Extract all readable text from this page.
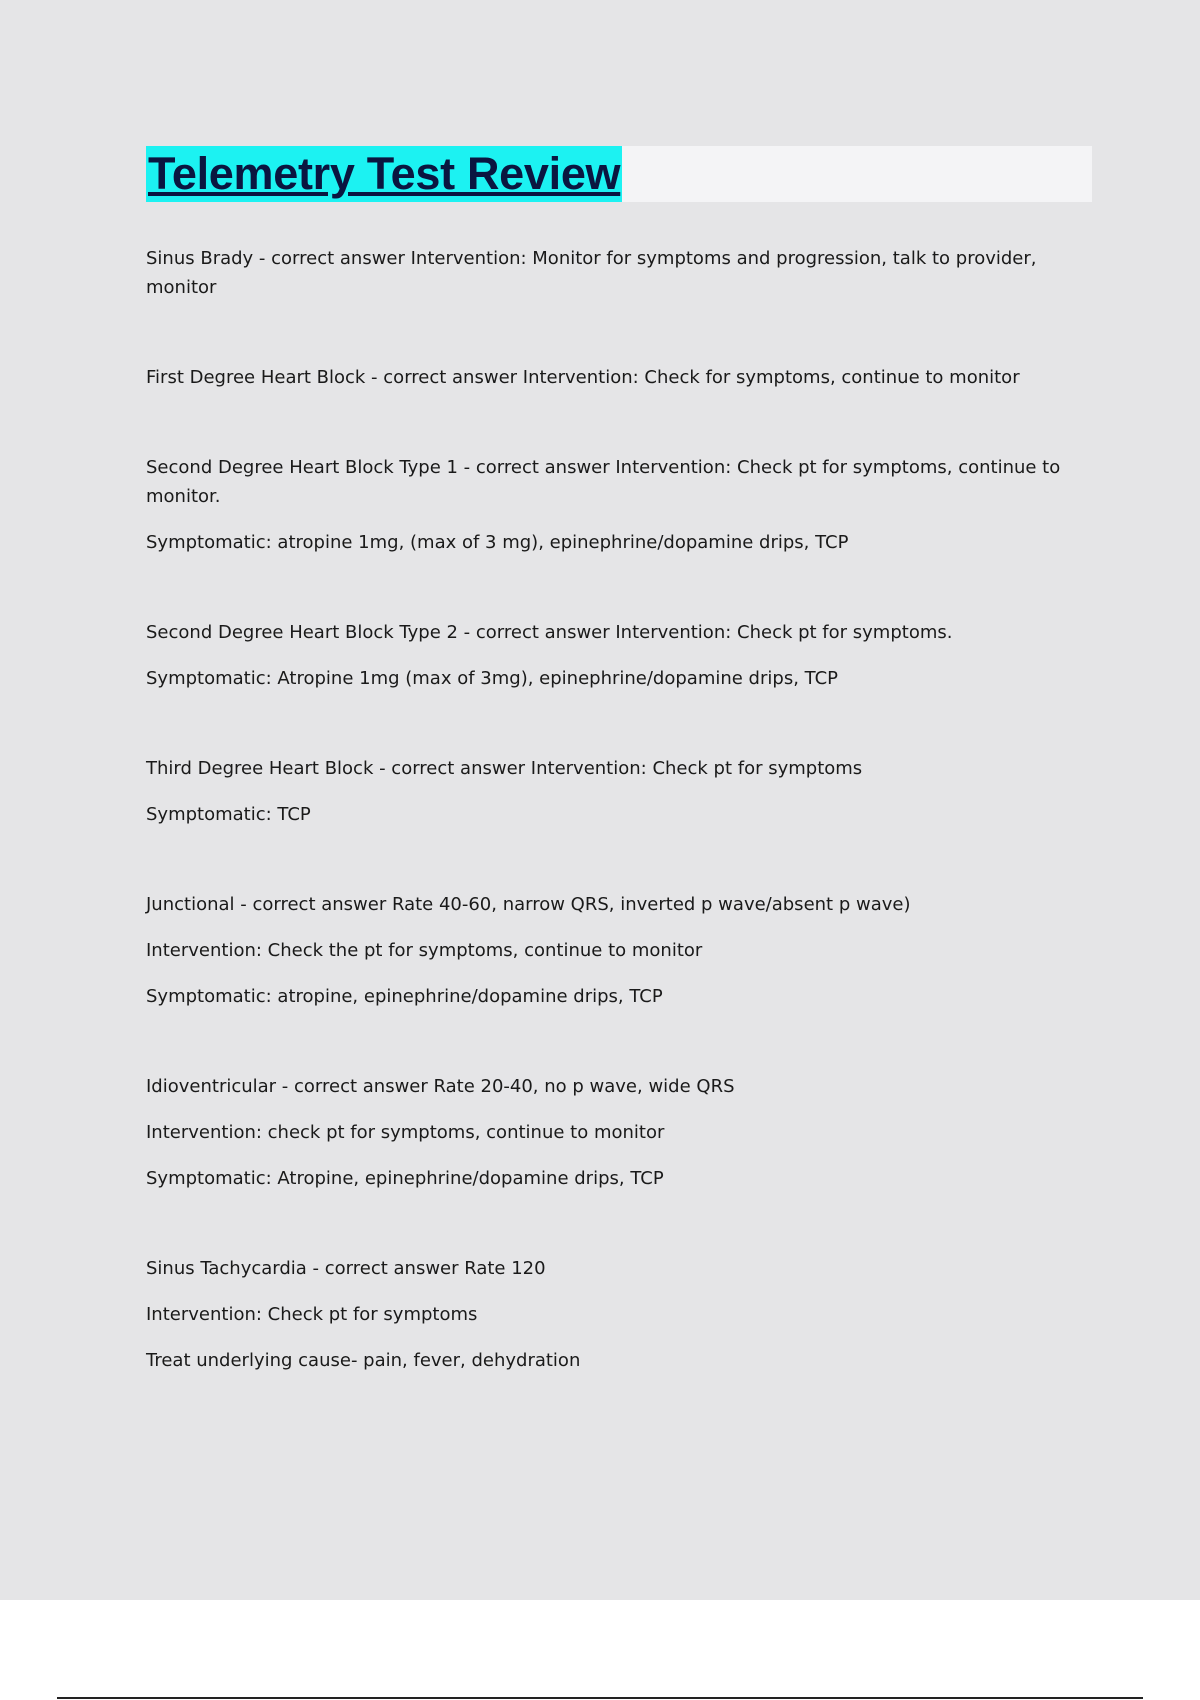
Telemetry Test Review

Sinus Brady - correct answer Intervention: Monitor for symptoms and progression, talk to provider, monitor

First Degree Heart Block - correct answer Intervention: Check for symptoms, continue to monitor

Second Degree Heart Block Type 1 - correct answer Intervention: Check pt for symptoms, continue to monitor.

Symptomatic: atropine 1mg, (max of 3 mg), epinephrine/dopamine drips, TCP

Second Degree Heart Block Type 2 - correct answer Intervention: Check pt for symptoms.

Symptomatic: Atropine 1mg (max of 3mg), epinephrine/dopamine drips, TCP

Third Degree Heart Block - correct answer Intervention: Check pt for symptoms

Symptomatic: TCP

Junctional - correct answer Rate 40-60, narrow QRS, inverted p wave/absent p wave)

Intervention: Check the pt for symptoms, continue to monitor

Symptomatic: atropine, epinephrine/dopamine drips, TCP

Idioventricular - correct answer Rate 20-40, no p wave, wide QRS

Intervention: check pt for symptoms, continue to monitor

Symptomatic: Atropine, epinephrine/dopamine drips, TCP

Sinus Tachycardia - correct answer Rate 120

Intervention: Check pt for symptoms

Treat underlying cause- pain, fever, dehydration
